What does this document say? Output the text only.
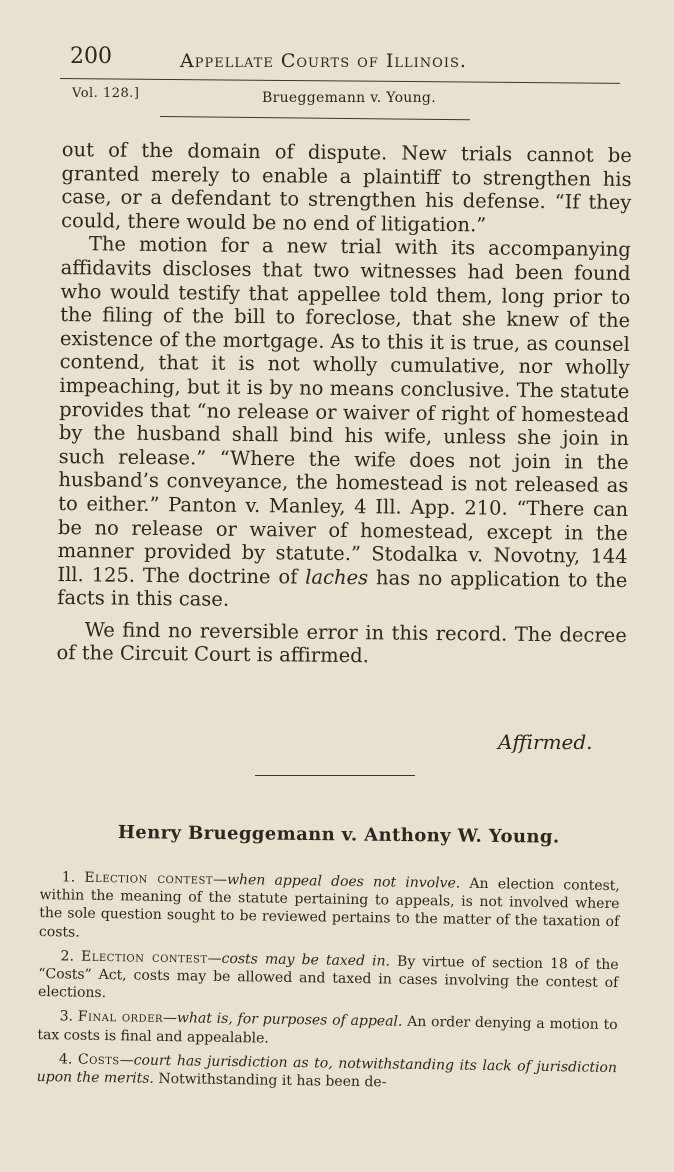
200	Appellate Courts of Illinois.
Vol. 128.]	Brueggemann v. Young.

out of the domain of dispute. New trials cannot be granted merely to enable a plaintiff to strengthen his case, or a defendant to strengthen his defense. “If they could, there would be no end of litigation.”

The motion for a new trial with its accompanying affidavits discloses that two witnesses had been found who would testify that appellee told them, long prior to the filing of the bill to foreclose, that she knew of the existence of the mortgage. As to this it is true, as counsel contend, that it is not wholly cumulative, nor wholly impeaching, but it is by no means conclusive. The statute provides that “no release or waiver of right of homestead by the husband shall bind his wife, unless she join in such release.” “Where the wife does not join in the husband’s conveyance, the homestead is not released as to either.” Panton v. Manley, 4 Ill. App. 210. “There can be no release or waiver of homestead, except in the manner provided by statute.” Stodalka v. Novotny, 144 Ill. 125. The doctrine of laches has no application to the facts in this case.

We find no reversible error in this record. The decree of the Circuit Court is affirmed.

Affirmed.
Henry Brueggemann v. Anthony W. Young.

1. Election contest—when appeal does not involve. An election contest, within the meaning of the statute pertaining to appeals, is not involved where the sole question sought to be reviewed pertains to the matter of the taxation of costs.

2. Election contest—costs may be taxed in. By virtue of section 18 of the “Costs” Act, costs may be allowed and taxed in cases involving the contest of elections.

3. Final order—what is, for purposes of appeal. An order denying a motion to tax costs is final and appealable.

4. Costs—court has jurisdiction as to, notwithstanding its lack of jurisdiction upon the merits. Notwithstanding it has been de-
